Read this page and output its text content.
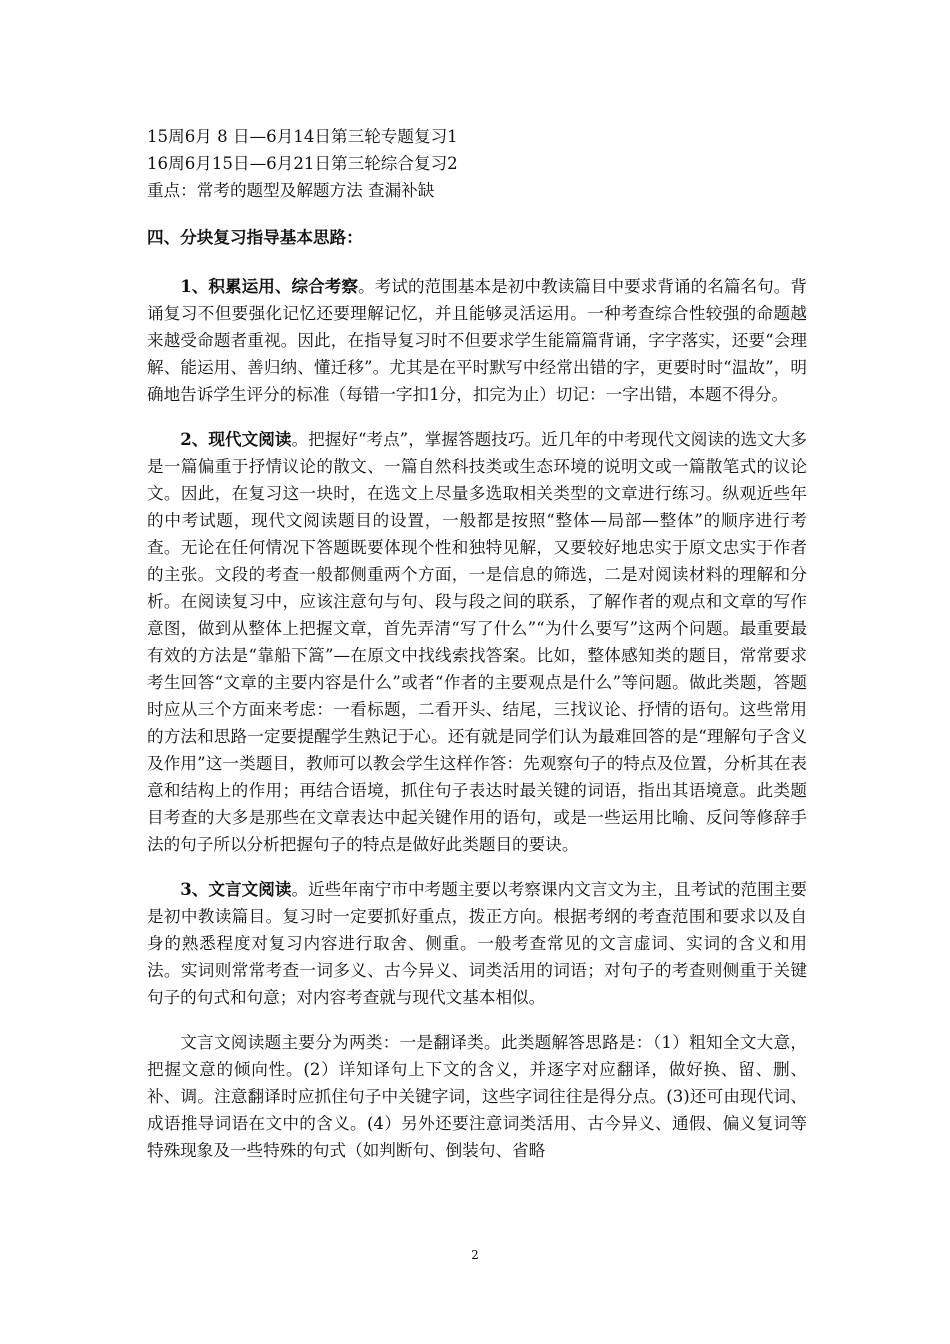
15周6月 8 日—6月14日第三轮专题复习1

16周6月15日—6月21日第三轮综合复习2

重点：常考的题型及解题方法 查漏补缺

四、分块复习指导基本思路：

1、积累运用、综合考察。考试的范围基本是初中教读篇目中要求背诵的名篇名句。背诵复习不但要强化记忆还要理解记忆，并且能够灵活运用。一种考查综合性较强的命题越来越受命题者重视。因此，在指导复习时不但要求学生能篇篇背诵，字字落实，还要“会理解、能运用、善归纳、懂迁移”。尤其是在平时默写中经常出错的字，更要时时“温故”，明确地告诉学生评分的标准（每错一字扣1分，扣完为止）切记：一字出错，本题不得分。

2、现代文阅读。把握好“考点”，掌握答题技巧。近几年的中考现代文阅读的选文大多是一篇偏重于抒情议论的散文、一篇自然科技类或生态环境的说明文或一篇散笔式的议论文。因此，在复习这一块时，在选文上尽量多选取相关类型的文章进行练习。纵观近些年的中考试题，现代文阅读题目的设置，一般都是按照“整体—局部—整体”的顺序进行考查。无论在任何情况下答题既要体现个性和独特见解，又要较好地忠实于原文忠实于作者的主张。文段的考查一般都侧重两个方面，一是信息的筛选，二是对阅读材料的理解和分析。在阅读复习中，应该注意句与句、段与段之间的联系，了解作者的观点和文章的写作意图，做到从整体上把握文章，首先弄清“写了什么”“为什么要写”这两个问题。最重要最有效的方法是“靠船下篙”—在原文中找线索找答案。比如，整体感知类的题目，常常要求考生回答“文章的主要内容是什么”或者“作者的主要观点是什么”等问题。做此类题，答题时应从三个方面来考虑：一看标题，二看开头、结尾，三找议论、抒情的语句。这些常用的方法和思路一定要提醒学生熟记于心。还有就是同学们认为最难回答的是“理解句子含义及作用”这一类题目，教师可以教会学生这样作答：先观察句子的特点及位置，分析其在表意和结构上的作用；再结合语境，抓住句子表达时最关键的词语，指出其语境意。此类题目考查的大多是那些在文章表达中起关键作用的语句，或是一些运用比喻、反问等修辞手法的句子所以分析把握句子的特点是做好此类题目的要诀。

3、文言文阅读。近些年南宁市中考题主要以考察课内文言文为主，且考试的范围主要是初中教读篇目。复习时一定要抓好重点，拨正方向。根据考纲的考查范围和要求以及自身的熟悉程度对复习内容进行取舍、侧重。一般考查常见的文言虚词、实词的含义和用法。实词则常常考查一词多义、古今异义、词类活用的词语；对句子的考查则侧重于关键句子的句式和句意；对内容考查就与现代文基本相似。

文言文阅读题主要分为两类：一是翻译类。此类题解答思路是：（1）粗知全文大意，把握文意的倾向性。(2）详知译句上下文的含义，并逐字对应翻译，做好换、留、删、补、调。注意翻译时应抓住句子中关键字词，这些字词往往是得分点。(3)还可由现代词、成语推导词语在文中的含义。(4）另外还要注意词类活用、古今异义、通假、偏义复词等特殊现象及一些特殊的句式（如判断句、倒装句、省略

2
